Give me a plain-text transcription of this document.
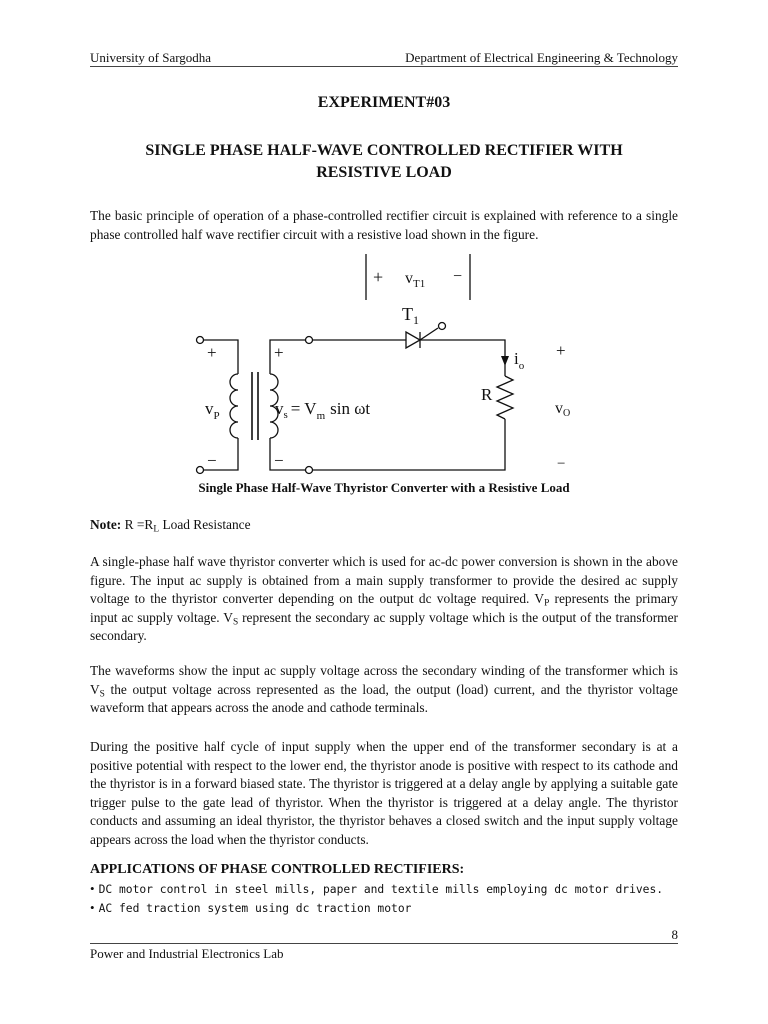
University of Sargodha	Department of Electrical Engineering & Technology
EXPERIMENT#03
SINGLE PHASE HALF-WAVE CONTROLLED RECTIFIER WITH RESISTIVE LOAD

The basic principle of operation of a phase-controlled rectifier circuit is explained with reference to a single phase controlled half wave rectifier circuit with a resistive load shown in the figure.

+ $v_{T1}$ −
$T_1$
$i_o$
R
+
−
$v_P$
+
−
$v_s = V_m$ sin ωt
+
−
vO
Single Phase Half-Wave Thyristor Converter with a Resistive Load

Note: $R =R_L$ Load Resistance

A single-phase half wave thyristor converter which is used for ac-dc power conversion is shown in the above figure. The input ac supply is obtained from a main supply transformer to provide the desired ac supply voltage to the thyristor converter depending on the output dc voltage required. $V_P$ represents the primary input ac supply voltage. $V_S$ represent the secondary ac supply voltage which is the output of the transformer secondary.

The waveforms show the input ac supply voltage across the secondary winding of the transformer which is $V_S$ the output voltage across represented as the load, the output (load) current, and the thyristor voltage waveform that appears across the anode and cathode terminals.

During the positive half cycle of input supply when the upper end of the transformer secondary is at a positive potential with respect to the lower end, the thyristor anode is positive with respect to its cathode and the thyristor is in a forward biased state. The thyristor is triggered at a delay angle by applying a suitable gate trigger pulse to the gate lead of thyristor. When the thyristor is triggered at a delay angle. The thyristor conducts and assuming an ideal thyristor, the thyristor behaves a closed switch and the input supply voltage appears across the load when the thyristor conducts.

APPLICATIONS OF PHASE CONTROLLED RECTIFIERS:
• DC motor control in steel mills, paper and textile mills employing dc motor drives.
• AC fed traction system using dc traction motor
8
Power and Industrial Electronics Lab
